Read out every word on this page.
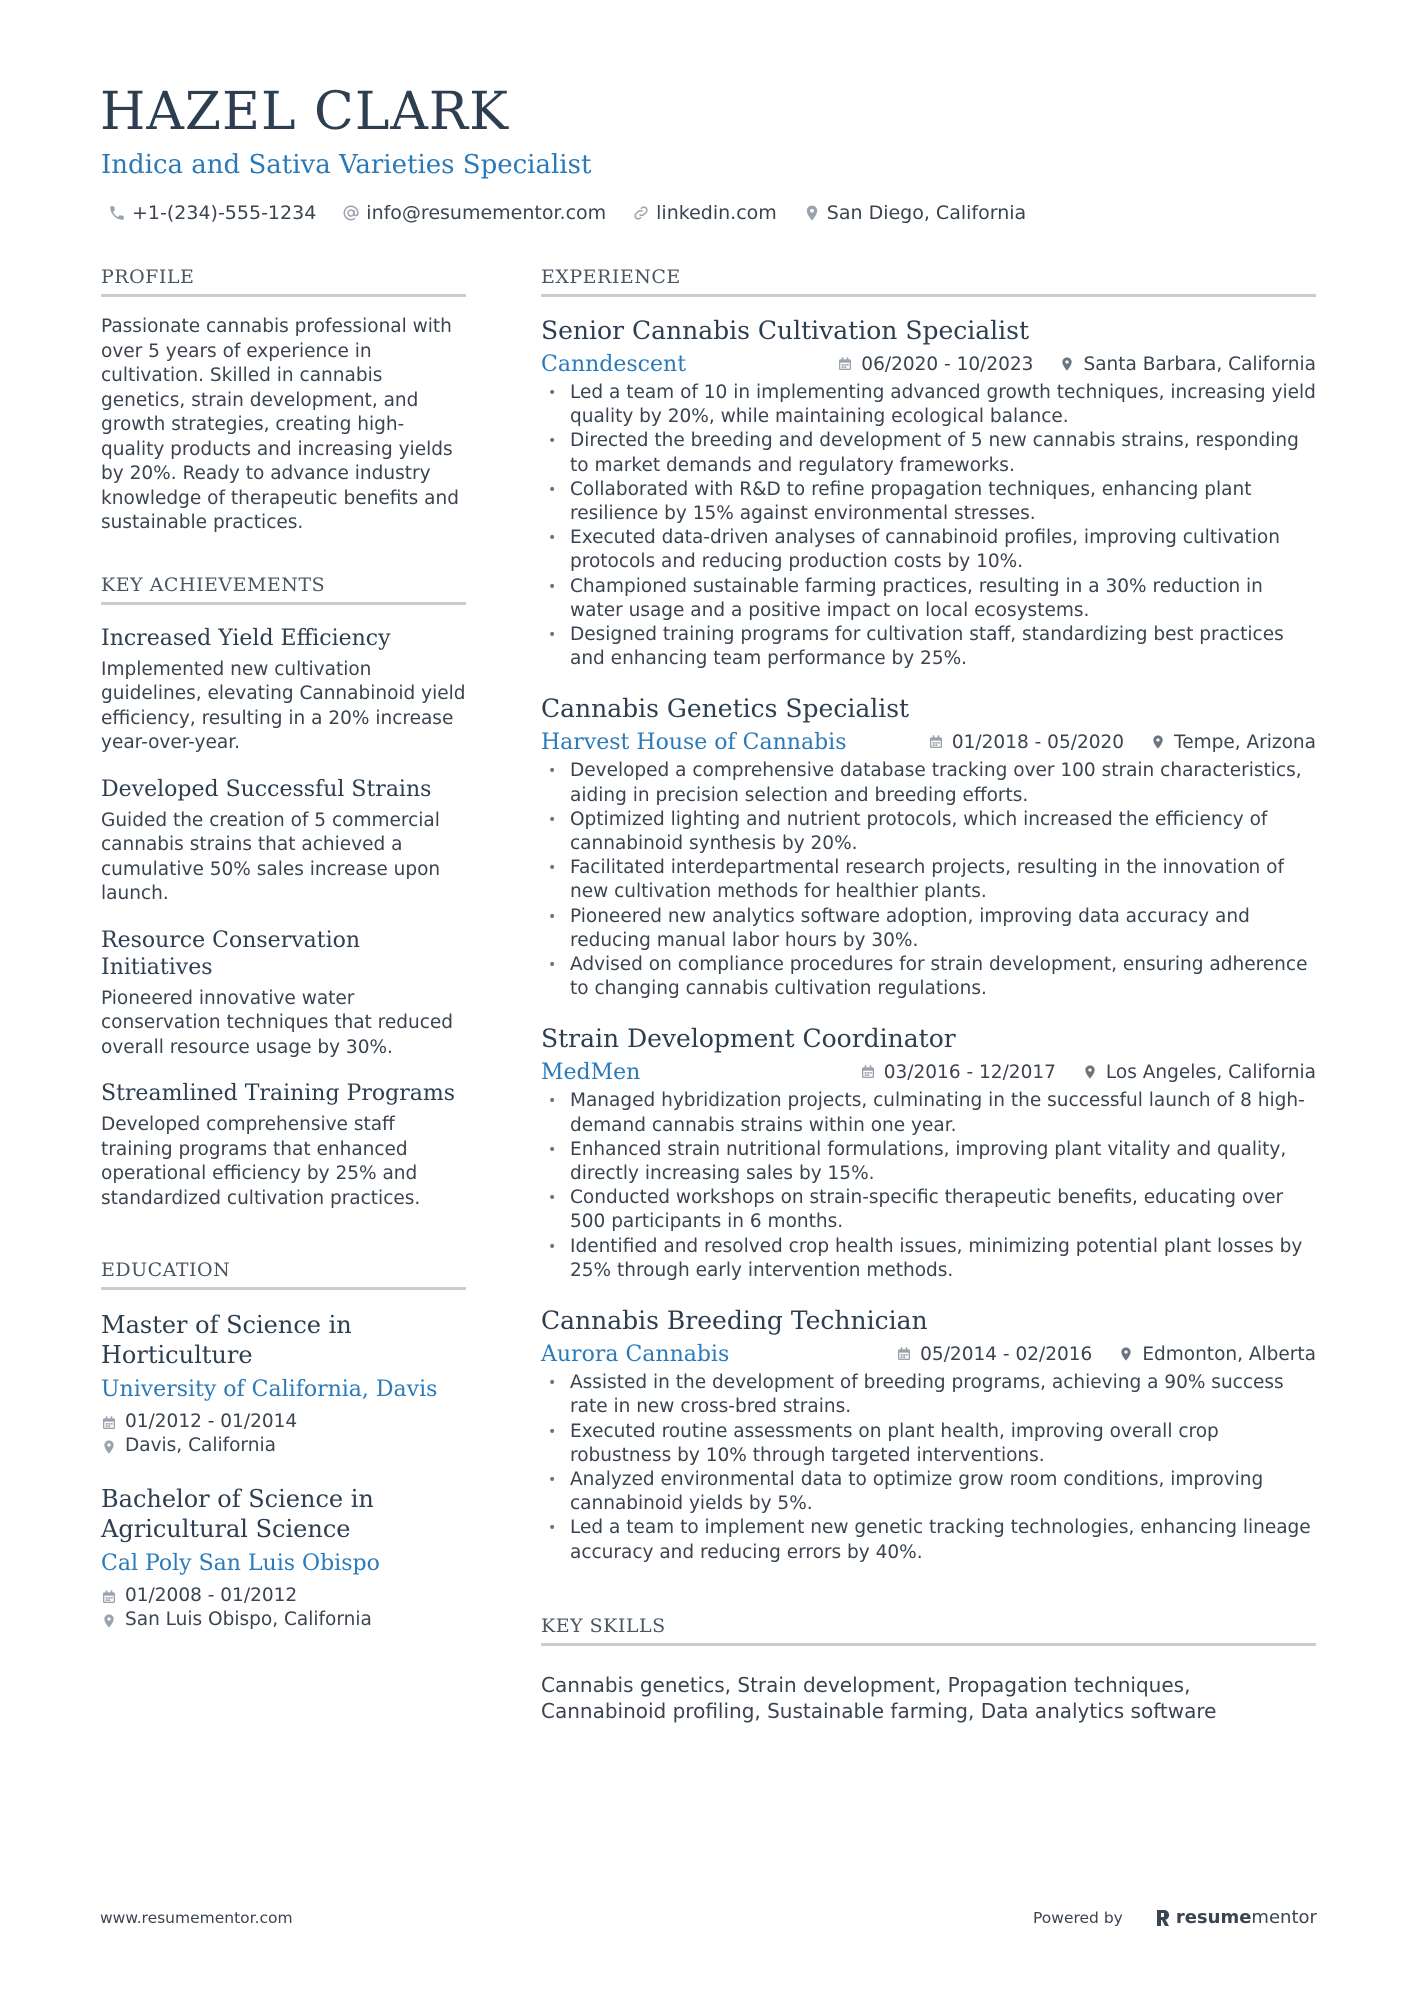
HAZEL CLARK
Indica and Sativa Varieties Specialist
+1-(234)-555-1234	info@resumementor.com	linkedin.com	San Diego, California
PROFILE
Passionate cannabis professional with over 5 years of experience in cultivation. Skilled in cannabis genetics, strain development, and growth strategies, creating high-quality products and increasing yields by 20%. Ready to advance industry knowledge of therapeutic benefits and sustainable practices.
KEY ACHIEVEMENTS
Increased Yield Efficiency
Implemented new cultivation guidelines, elevating Cannabinoid yield efficiency, resulting in a 20% increase year-over-year.
Developed Successful Strains
Guided the creation of 5 commercial cannabis strains that achieved a cumulative 50% sales increase upon launch.
Resource Conservation Initiatives
Pioneered innovative water conservation techniques that reduced overall resource usage by 30%.
Streamlined Training Programs
Developed comprehensive staff training programs that enhanced operational efficiency by 25% and standardized cultivation practices.
EDUCATION
Master of Science in Horticulture
University of California, Davis
01/2012 - 01/2014
Davis, California
Bachelor of Science in Agricultural Science
Cal Poly San Luis Obispo
01/2008 - 01/2012
San Luis Obispo, California
EXPERIENCE
Senior Cannabis Cultivation Specialist
Canndescent	06/2020 - 10/2023	Santa Barbara, California
• Led a team of 10 in implementing advanced growth techniques, increasing yield quality by 20%, while maintaining ecological balance.
• Directed the breeding and development of 5 new cannabis strains, responding to market demands and regulatory frameworks.
• Collaborated with R&D to refine propagation techniques, enhancing plant resilience by 15% against environmental stresses.
• Executed data-driven analyses of cannabinoid profiles, improving cultivation protocols and reducing production costs by 10%.
• Championed sustainable farming practices, resulting in a 30% reduction in water usage and a positive impact on local ecosystems.
• Designed training programs for cultivation staff, standardizing best practices and enhancing team performance by 25%.
Cannabis Genetics Specialist
Harvest House of Cannabis	01/2018 - 05/2020	Tempe, Arizona
• Developed a comprehensive database tracking over 100 strain characteristics, aiding in precision selection and breeding efforts.
• Optimized lighting and nutrient protocols, which increased the efficiency of cannabinoid synthesis by 20%.
• Facilitated interdepartmental research projects, resulting in the innovation of new cultivation methods for healthier plants.
• Pioneered new analytics software adoption, improving data accuracy and reducing manual labor hours by 30%.
• Advised on compliance procedures for strain development, ensuring adherence to changing cannabis cultivation regulations.
Strain Development Coordinator
MedMen	03/2016 - 12/2017	Los Angeles, California
• Managed hybridization projects, culminating in the successful launch of 8 high-demand cannabis strains within one year.
• Enhanced strain nutritional formulations, improving plant vitality and quality, directly increasing sales by 15%.
• Conducted workshops on strain-specific therapeutic benefits, educating over 500 participants in 6 months.
• Identified and resolved crop health issues, minimizing potential plant losses by 25% through early intervention methods.
Cannabis Breeding Technician
Aurora Cannabis	05/2014 - 02/2016	Edmonton, Alberta
• Assisted in the development of breeding programs, achieving a 90% success rate in new cross-bred strains.
• Executed routine assessments on plant health, improving overall crop robustness by 10% through targeted interventions.
• Analyzed environmental data to optimize grow room conditions, improving cannabinoid yields by 5%.
• Led a team to implement new genetic tracking technologies, enhancing lineage accuracy and reducing errors by 40%.
KEY SKILLS
Cannabis genetics, Strain development, Propagation techniques, Cannabinoid profiling, Sustainable farming, Data analytics software
www.resumementor.com	Powered by	resume mentor
